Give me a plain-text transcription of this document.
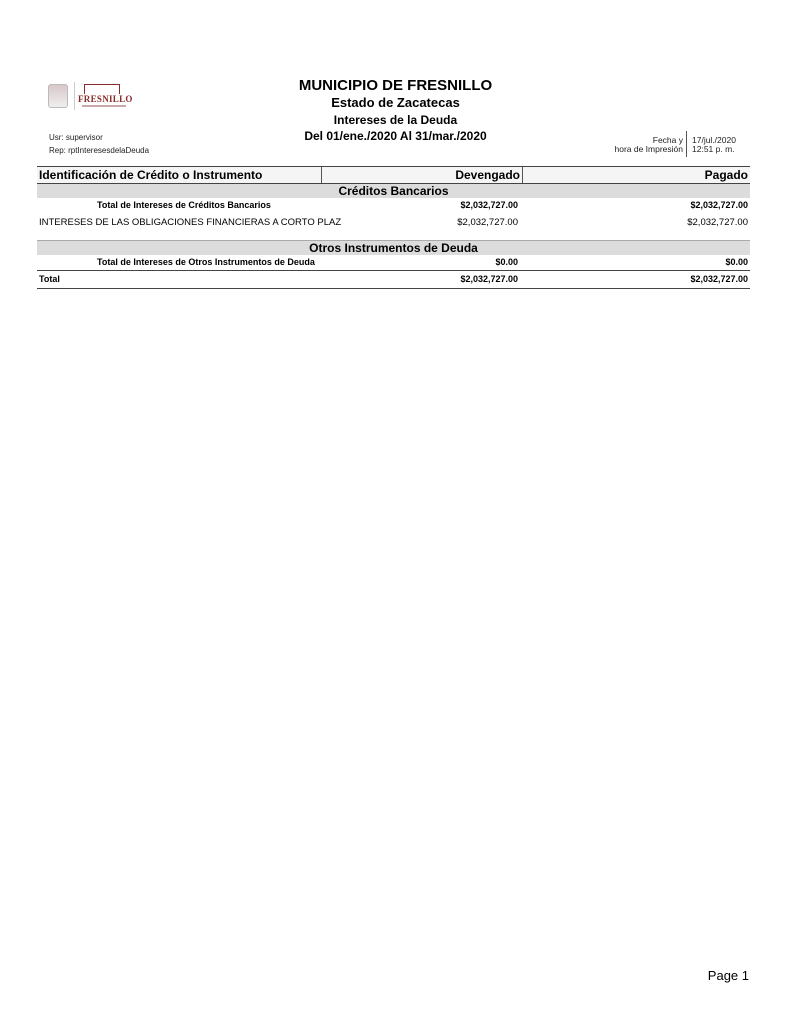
FRESNILLO
MUNICIPIO DE FRESNILLO
Estado de Zacatecas
Intereses de la Deuda
Del 01/ene./2020 Al 31/mar./2020
Usr: supervisor
Rep: rptInteresesdelaDeuda
Fecha y
hora de Impresión
17/jul./2020
12:51 p. m.
Identificación de Crédito o Instrumento	Devengado	Pagado
Créditos Bancarios
Total de Intereses de Créditos Bancarios	$2,032,727.00	$2,032,727.00
INTERESES DE LAS OBLIGACIONES FINANCIERAS A CORTO PLAZ	$2,032,727.00	$2,032,727.00
Otros Instrumentos de Deuda
Total de Intereses de Otros Instrumentos de Deuda	$0.00	$0.00
Total	$2,032,727.00	$2,032,727.00
Page 1
